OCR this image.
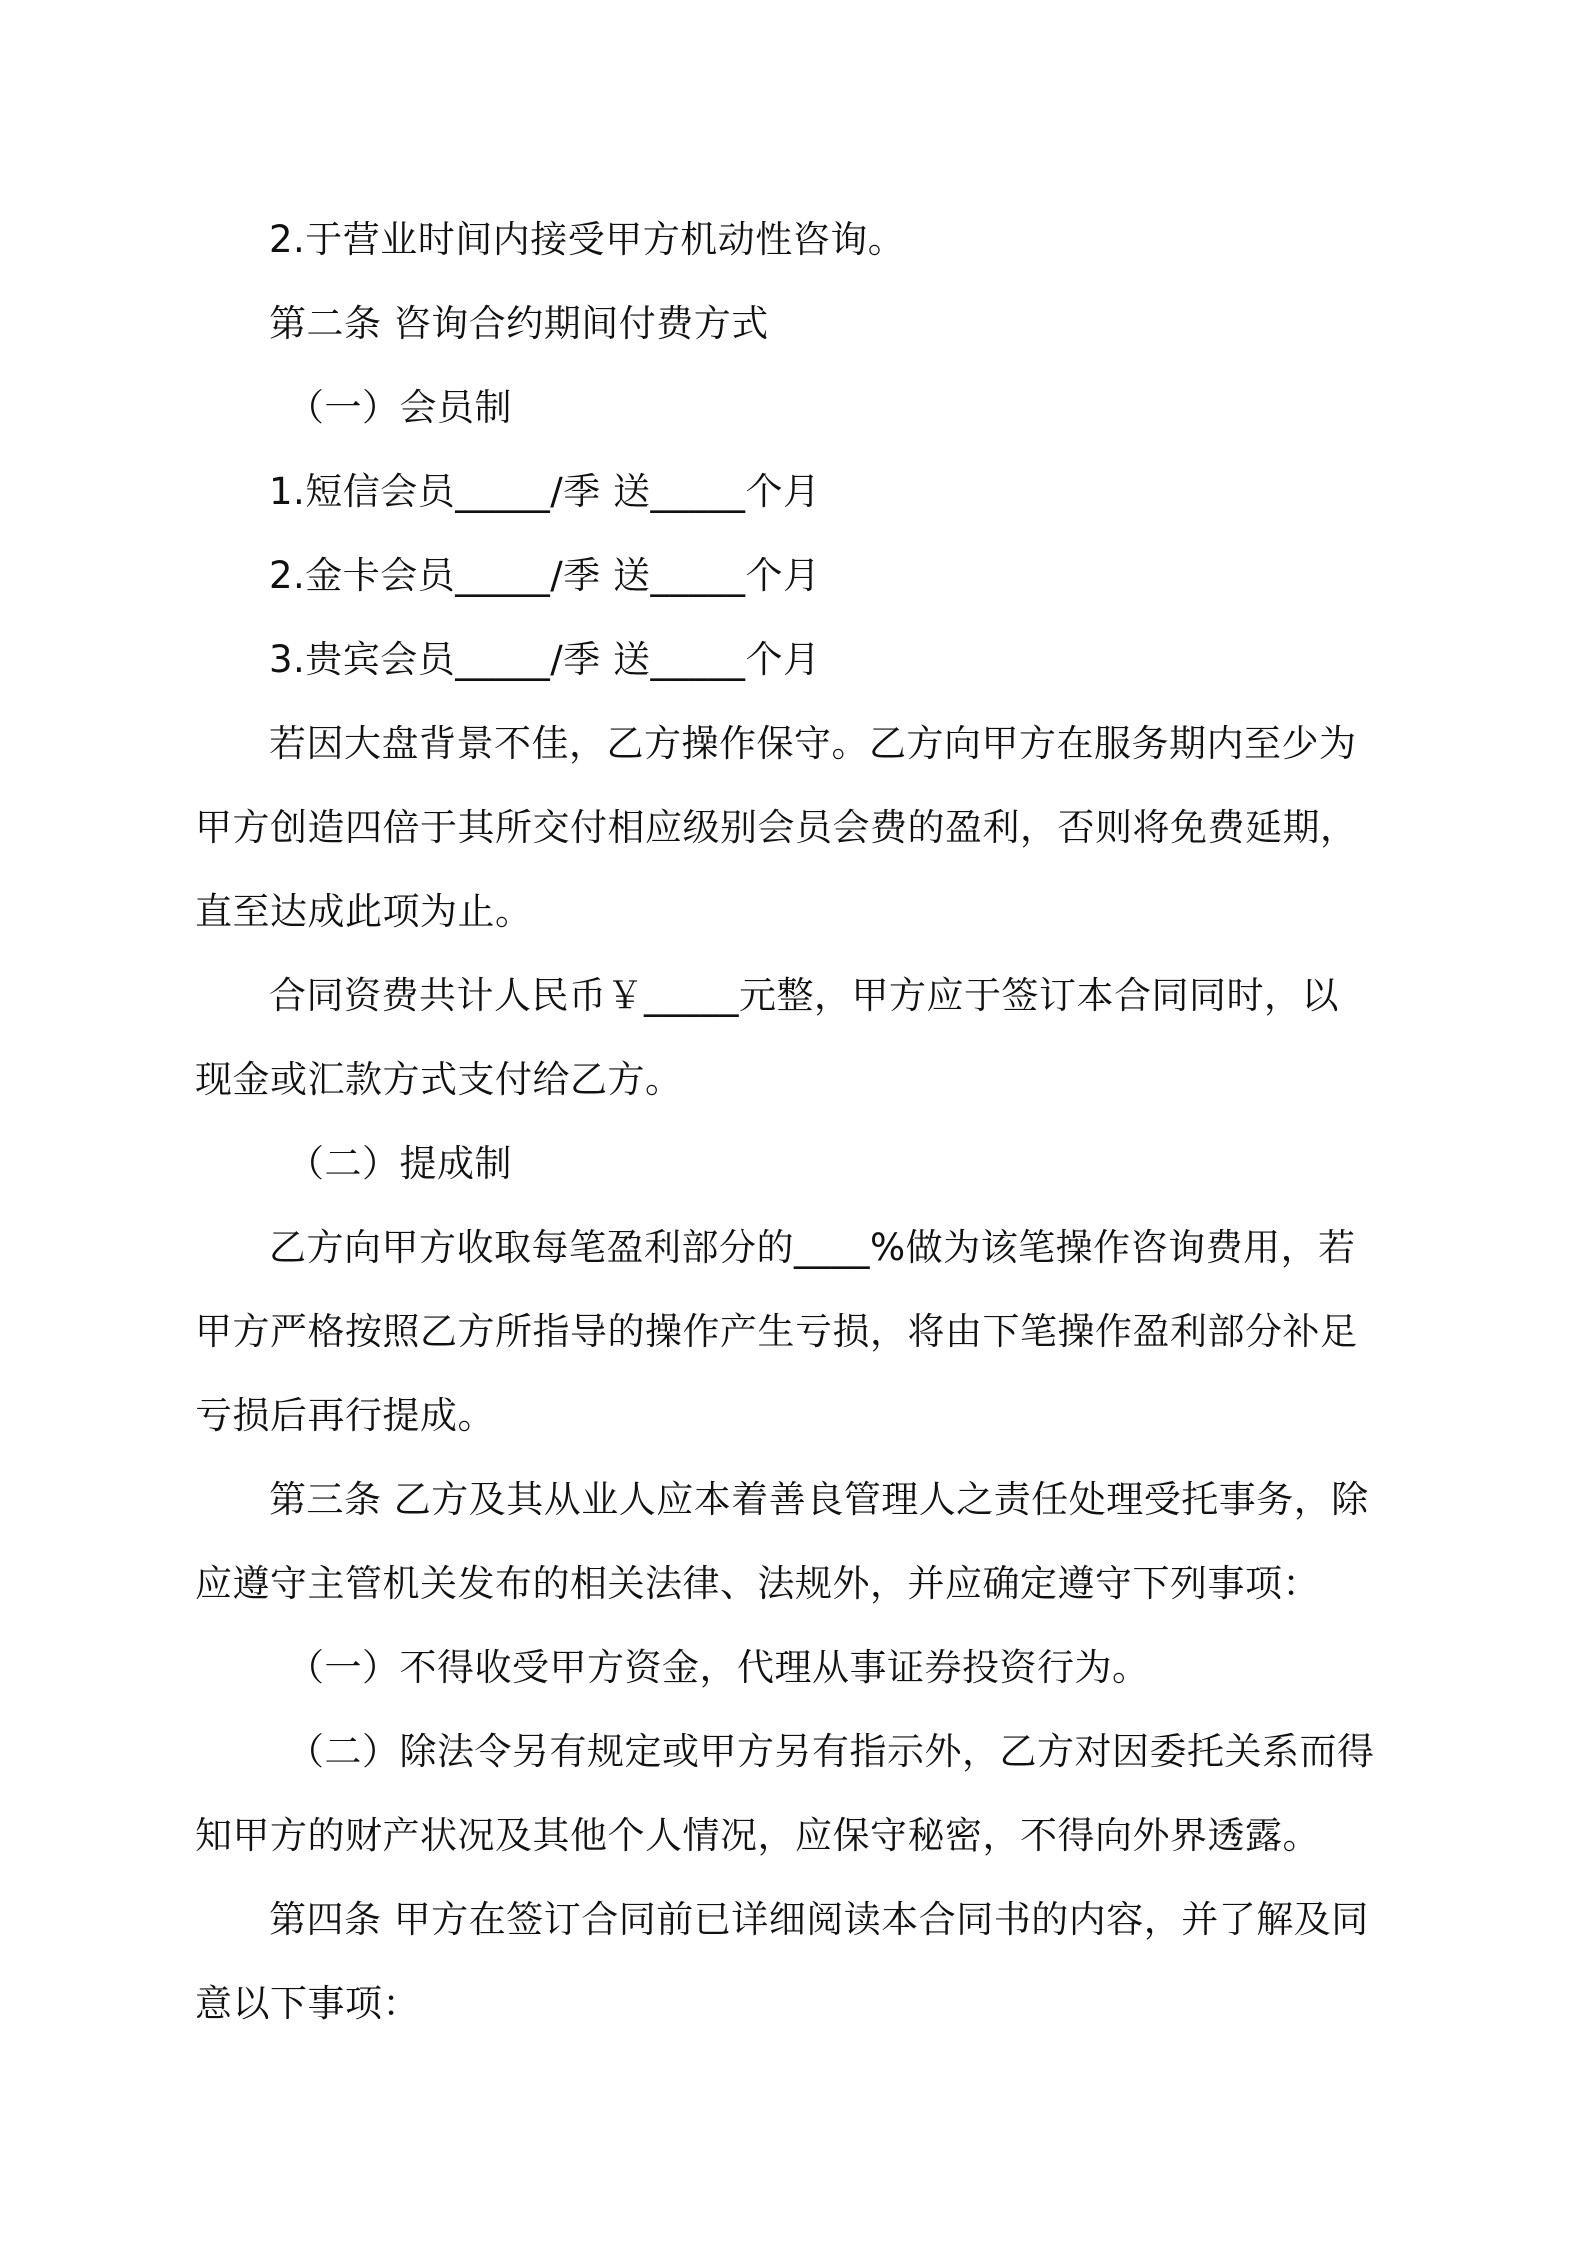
2.于营业时间内接受甲方机动性咨询。

第二条 咨询合约期间付费方式

（一）会员制

1.短信会员_____/季 送_____个月

2.金卡会员_____/季 送_____个月

3.贵宾会员_____/季 送_____个月

若因大盘背景不佳，乙方操作保守。乙方向甲方在服务期内至少为甲方创造四倍于其所交付相应级别会员会费的盈利，否则将免费延期，直至达成此项为止。

合同资费共计人民币￥_____元整，甲方应于签订本合同同时，以现金或汇款方式支付给乙方。

（二）提成制

乙方向甲方收取每笔盈利部分的____%做为该笔操作咨询费用，若甲方严格按照乙方所指导的操作产生亏损，将由下笔操作盈利部分补足亏损后再行提成。

第三条 乙方及其从业人应本着善良管理人之责任处理受托事务，除应遵守主管机关发布的相关法律、法规外，并应确定遵守下列事项：

（一）不得收受甲方资金，代理从事证券投资行为。

（二）除法令另有规定或甲方另有指示外，乙方对因委托关系而得知甲方的财产状况及其他个人情况，应保守秘密，不得向外界透露。

第四条 甲方在签订合同前已详细阅读本合同书的内容，并了解及同意以下事项：
